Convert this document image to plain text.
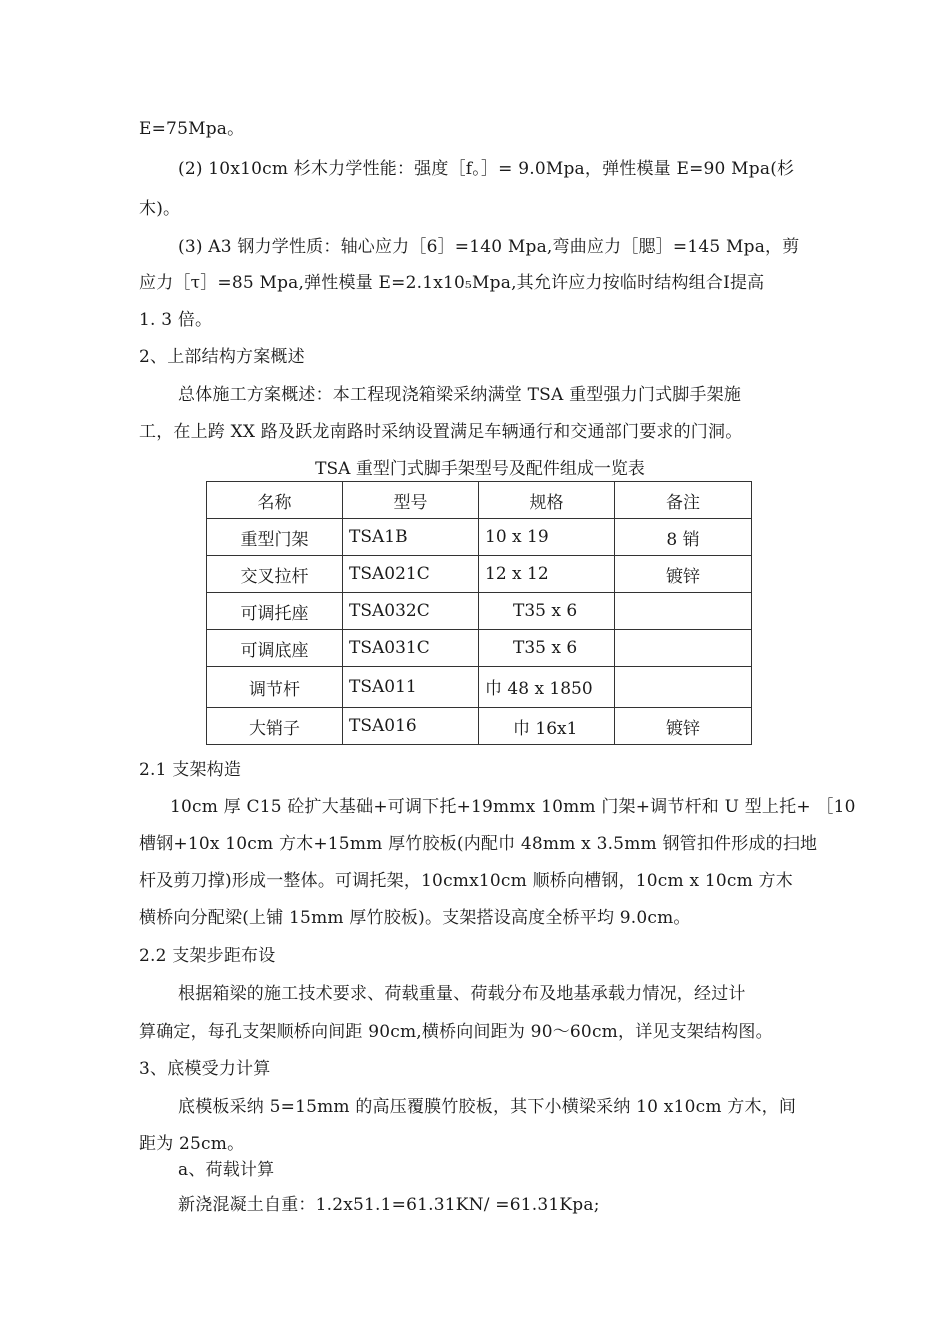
E=75Mpa。
(2) 10x10cm 杉木力学性能：强度［f。］= 9.0Mpa，弹性模量 E=90 Mpa(杉
木)。
(3) A3 钢力学性质：轴心应力［6］=140 Mpa,弯曲应力［腮］=145 Mpa，剪
应力［τ］=85 Mpa,弹性模量 E=2.1x10₅Mpa,其允许应力按临时结构组合Ⅰ提高
1. 3 倍。
2、上部结构方案概述
总体施工方案概述：本工程现浇箱梁采纳满堂 TSA 重型强力门式脚手架施
工，在上跨 XX 路及跃龙南路时采纳设置满足车辆通行和交通部门要求的门洞。
TSA 重型门式脚手架型号及配件组成一览表
名称	型号	规格	备注
重型门架	TSA1B	10 x 19	8 销
交叉拉杆	TSA021C	12 x 12	镀锌
可调托座	TSA032C	T35 x 6	
可调底座	TSA031C	T35 x 6	
调节杆	TSA011	巾 48 x 1850	
大销子	TSA016	巾 16x1	镀锌
2.1 支架构造
10cm 厚 C15 砼扩大基础+可调下托+19mmx 10mm 门架+调节杆和 U 型上托+ ［10
槽钢+10x 10cm 方木+15mm 厚竹胶板(内配巾 48mm x 3.5mm 钢管扣件形成的扫地
杆及剪刀撑)形成一整体。可调托架，10cmx10cm 顺桥向槽钢，10cm x 10cm 方木
横桥向分配梁(上铺 15mm 厚竹胶板)。支架搭设高度全桥平均 9.0cm。
2.2 支架步距布设
根据箱梁的施工技术要求、荷载重量、荷载分布及地基承载力情况，经过计
算确定，每孔支架顺桥向间距 90cm,横桥向间距为 90〜60cm，详见支架结构图。
3、底模受力计算
底模板采纳 5=15mm 的高压覆膜竹胶板，其下小横梁采纳 10 x10cm 方木，间
距为 25cm。
a、荷载计算
新浇混凝土自重：1.2x51.1=61.31KN/ =61.31Kpa;
